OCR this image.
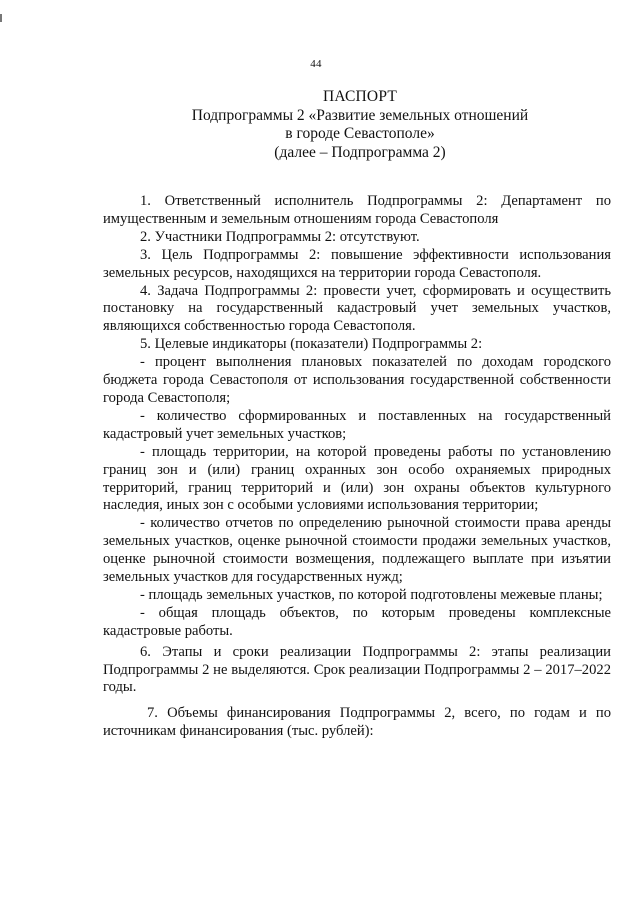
44
ПАСПОРТ
Подпрограммы 2 «Развитие земельных отношений
в городе Севастополе»
(далее – Подпрограмма 2)

1. Ответственный исполнитель Подпрограммы 2: Департамент по имущественным и земельным отношениям города Севастополя

2. Участники Подпрограммы 2: отсутствуют.

3. Цель Подпрограммы 2: повышение эффективности использования земельных ресурсов, находящихся на территории города Севастополя.

4. Задача Подпрограммы 2: провести учет, сформировать и осуществить постановку на государственный кадастровый учет земельных участков, являющихся собственностью города Севастополя.

5. Целевые индикаторы (показатели) Подпрограммы 2:

- процент выполнения плановых показателей по доходам городского бюджета города Севастополя от использования государственной собственности города Севастополя;

- количество сформированных и поставленных на государственный кадастровый учет земельных участков;

- площадь территории, на которой проведены работы по установлению границ зон и (или) границ охранных зон особо охраняемых природных территорий, границ территорий и (или) зон охраны объектов культурного наследия, иных зон с особыми условиями использования территории;

- количество отчетов по определению рыночной стоимости права аренды земельных участков, оценке рыночной стоимости продажи земельных участков, оценке рыночной стоимости возмещения, подлежащего выплате при изъятии земельных участков для государственных нужд;

- площадь земельных участков, по которой подготовлены межевые планы;

- общая площадь объектов, по которым проведены комплексные кадастровые работы.

6. Этапы и сроки реализации Подпрограммы 2: этапы реализации Подпрограммы 2 не выделяются. Срок реализации Подпрограммы 2 – 2017–2022 годы.

7. Объемы финансирования Подпрограммы 2, всего, по годам и по источникам финансирования (тыс. рублей):
